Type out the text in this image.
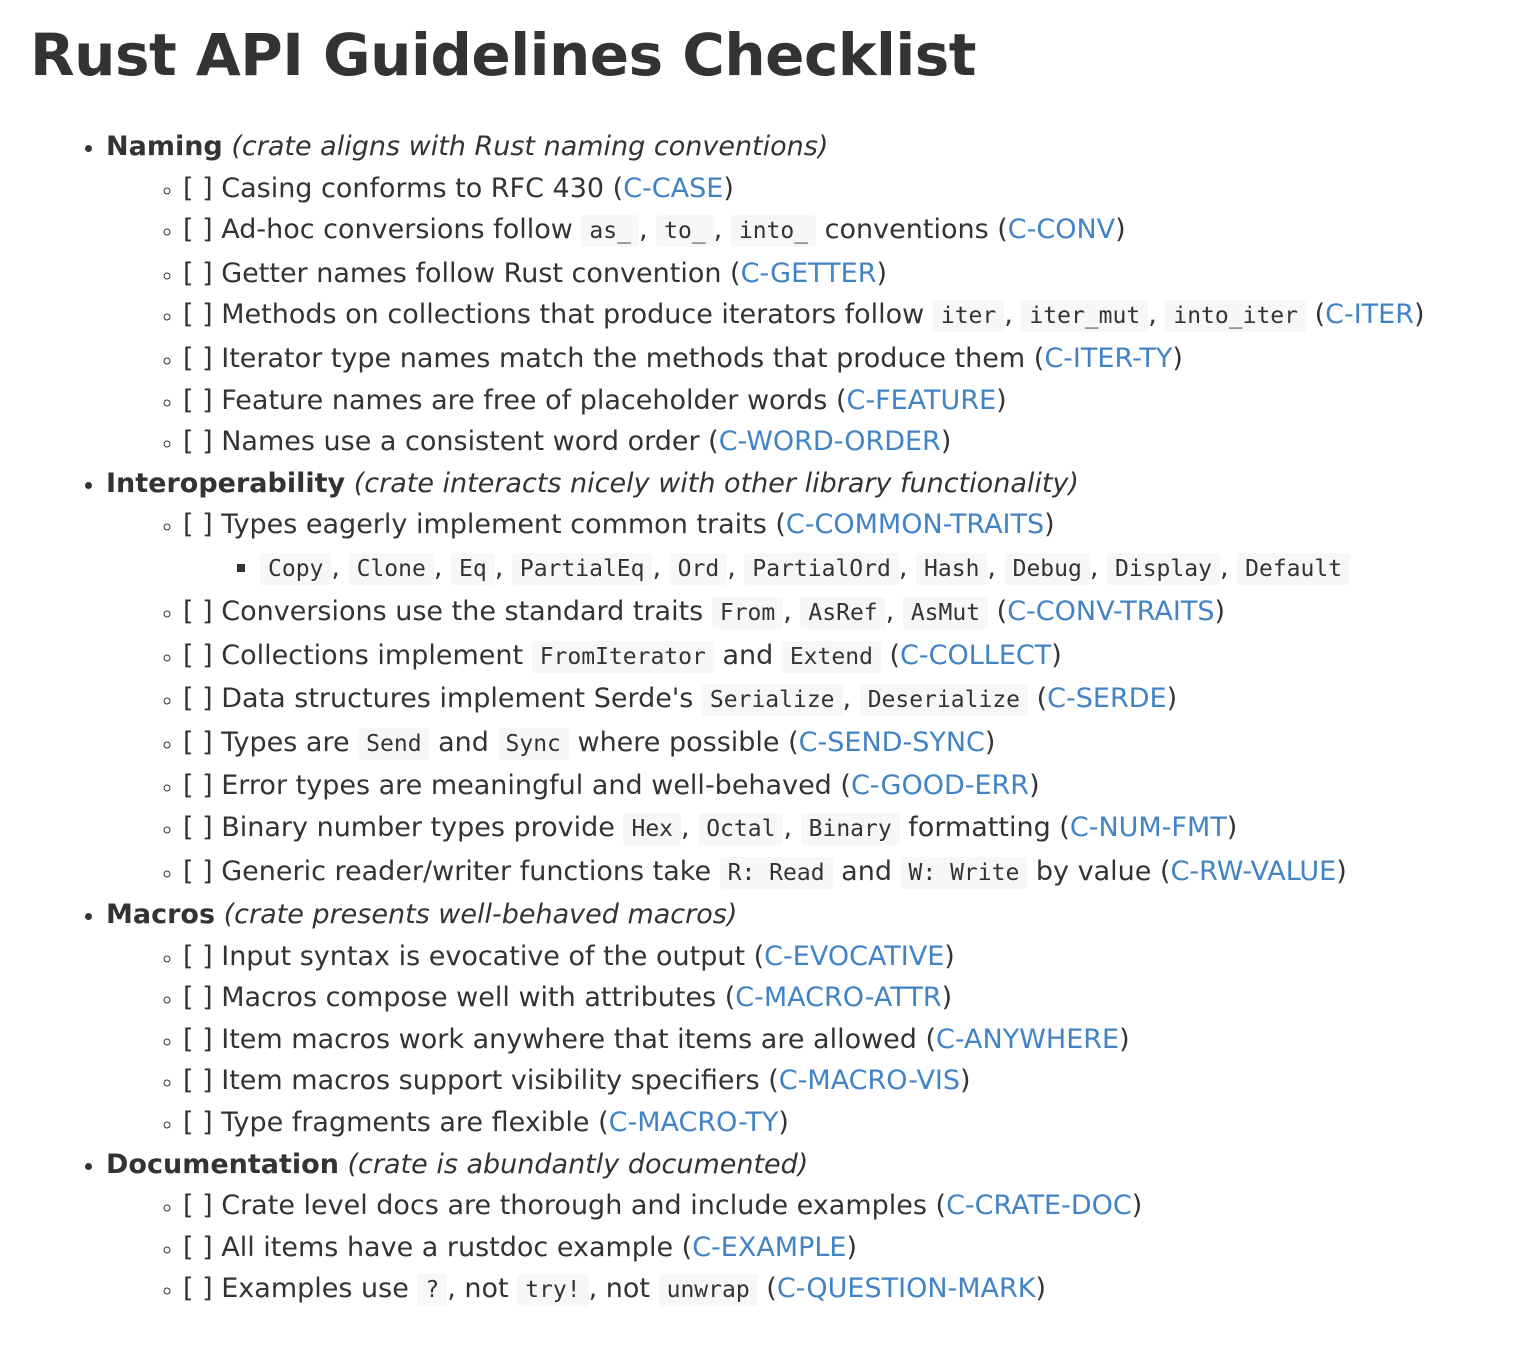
Rust API Guidelines Checklist
• Naming (crate aligns with Rust naming conventions)
◦ [ ] Casing conforms to RFC 430 (C-CASE)
◦ [ ] Ad-hoc conversions follow as_ , to_ , into_ conventions (C-CONV)
◦ [ ] Getter names follow Rust convention (C-GETTER)
◦ [ ] Methods on collections that produce iterators follow iter , iter_mut , into_iter (C-ITER)
◦ [ ] Iterator type names match the methods that produce them (C-ITER-TY)
◦ [ ] Feature names are free of placeholder words (C-FEATURE)
◦ [ ] Names use a consistent word order (C-WORD-ORDER)
• Interoperability (crate interacts nicely with other library functionality)
◦ [ ] Types eagerly implement common traits (C-COMMON-TRAITS)
▪ Copy , Clone , Eq , PartialEq , Ord , PartialOrd , Hash , Debug , Display , Default
◦ [ ] Conversions use the standard traits From , AsRef , AsMut (C-CONV-TRAITS)
◦ [ ] Collections implement FromIterator and Extend (C-COLLECT)
◦ [ ] Data structures implement Serde's Serialize , Deserialize (C-SERDE)
◦ [ ] Types are Send and Sync where possible (C-SEND-SYNC)
◦ [ ] Error types are meaningful and well-behaved (C-GOOD-ERR)
◦ [ ] Binary number types provide Hex , Octal , Binary formatting (C-NUM-FMT)
◦ [ ] Generic reader/writer functions take R: Read and W: Write by value (C-RW-VALUE)
• Macros (crate presents well-behaved macros)
◦ [ ] Input syntax is evocative of the output (C-EVOCATIVE)
◦ [ ] Macros compose well with attributes (C-MACRO-ATTR)
◦ [ ] Item macros work anywhere that items are allowed (C-ANYWHERE)
◦ [ ] Item macros support visibility specifiers (C-MACRO-VIS)
◦ [ ] Type fragments are flexible (C-MACRO-TY)
• Documentation (crate is abundantly documented)
◦ [ ] Crate level docs are thorough and include examples (C-CRATE-DOC)
◦ [ ] All items have a rustdoc example (C-EXAMPLE)
◦ [ ] Examples use ? , not try! , not unwrap (C-QUESTION-MARK)
